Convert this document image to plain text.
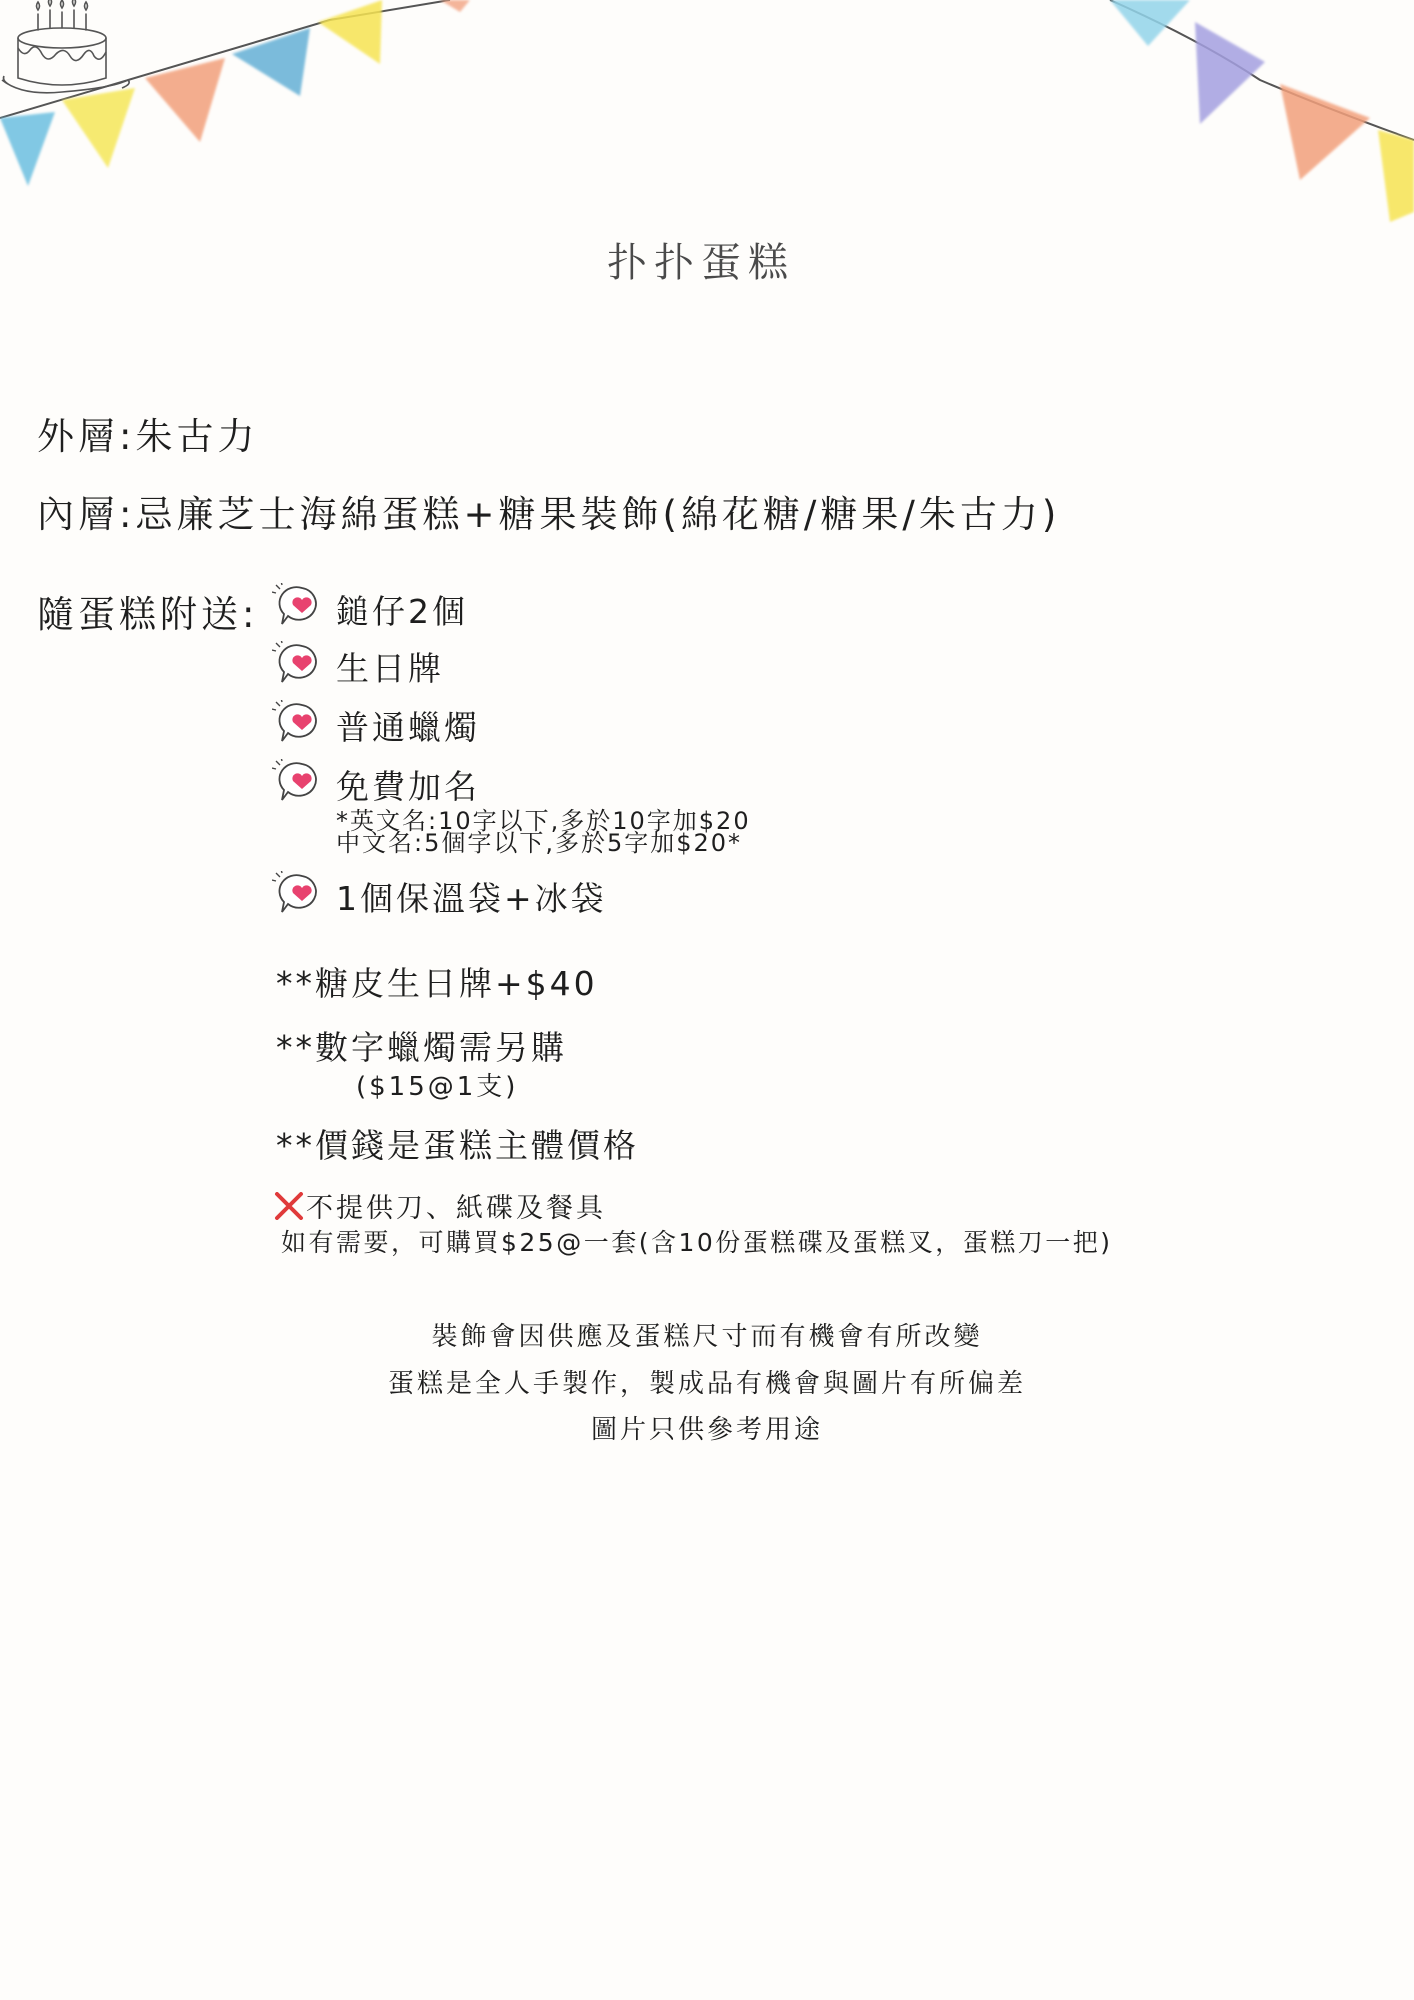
扑扑蛋糕
外層:朱古力
內層:忌廉芝士海綿蛋糕+糖果裝飾(綿花糖/糖果/朱古力)
隨蛋糕附送: 鎚仔2個
生日牌
普通蠟燭
免費加名
*英文名:10字以下,多於10字加$20
中文名:5個字以下,多於5字加$20*
1個保溫袋+冰袋
**糖皮生日牌+$40
**數字蠟燭需另購
($15@1支)
**價錢是蛋糕主體價格
不提供刀、紙碟及餐具
如有需要，可購買$25@一套(含10份蛋糕碟及蛋糕叉，蛋糕刀一把)
裝飾會因供應及蛋糕尺寸而有機會有所改變
蛋糕是全人手製作，製成品有機會與圖片有所偏差
圖片只供參考用途
